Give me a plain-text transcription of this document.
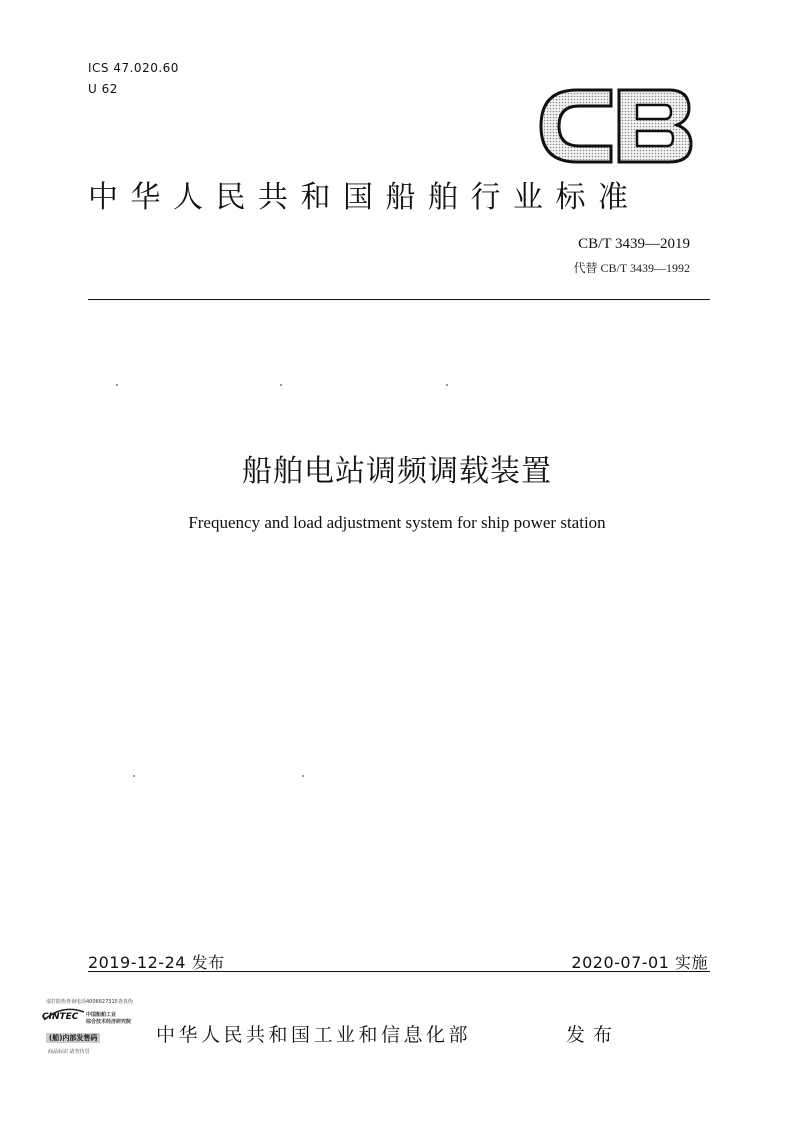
ICS 47.020.60
U 62
中华人民共和国船舶行业标准
CB/T 3439—2019
代替 CB/T 3439—1992
船舶电站调频调载装置
Frequency and load adjustment system for ship power station
2019-12-24 发布	2020-07-01 实施
请打防伪查询电话4006627315查真伪
CINTEC 中国船舶工业
综合技术经济研究院
(船)内部发售码
商品标识 请勿仿冒
中华人民共和国工业和信息化部	发布
